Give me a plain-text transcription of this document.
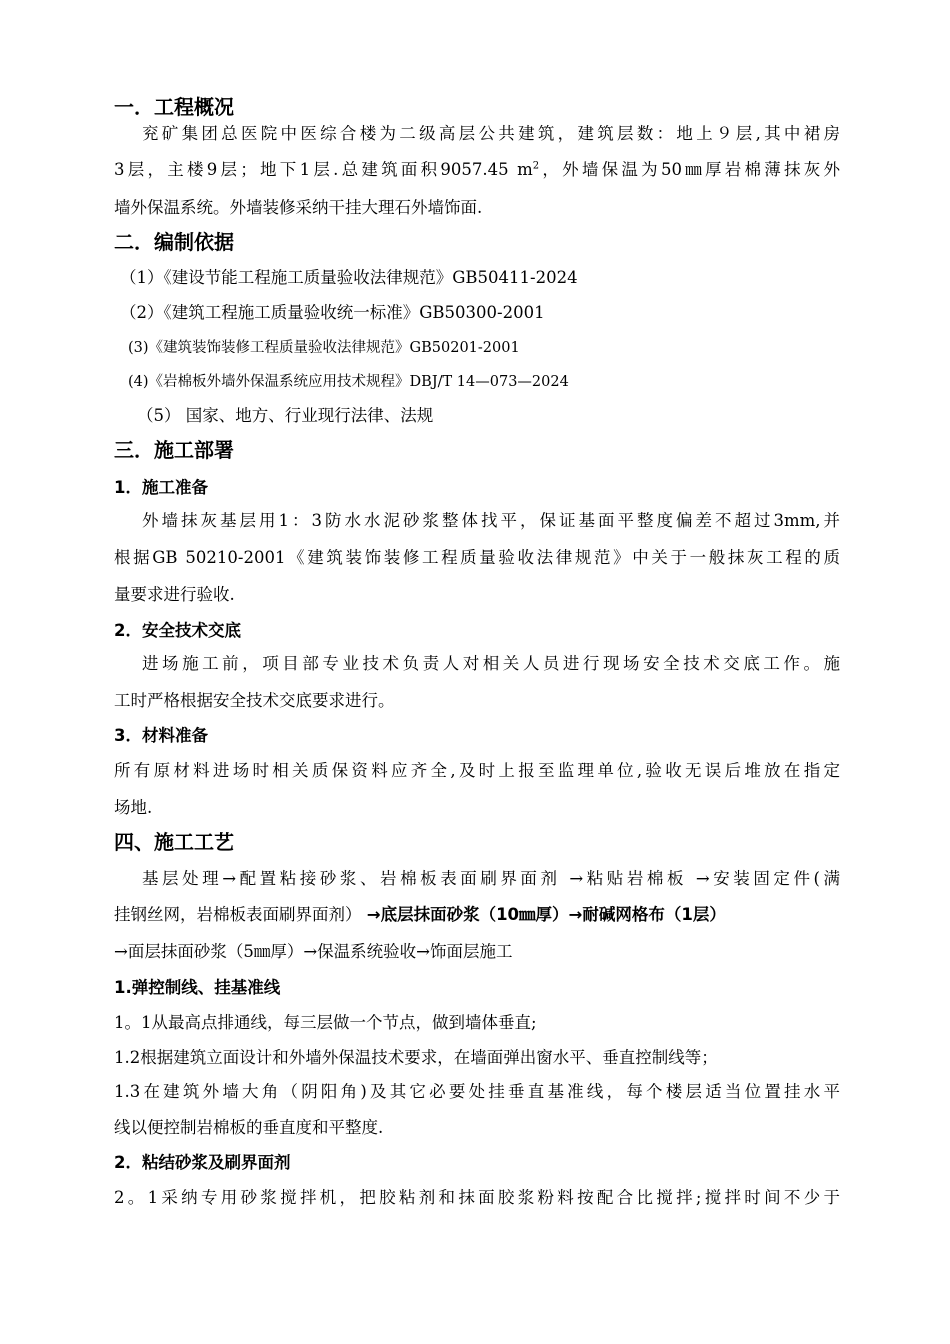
一．工程概况
兖矿集团总医院中医综合楼为二级高层公共建筑，建筑层数：地上９层,其中裙房
3层，主楼9层；地下1层.总建筑面积9057.45 $m^2$，外墙保温为50㎜厚岩棉薄抹灰外
墙外保温系统。外墙装修采纳干挂大理石外墙饰面.
二．编制依据
（1）《建设节能工程施工质量验收法律规范》GB50411-2024
（2）《建筑工程施工质量验收统一标准》GB50300-2001
(3)《建筑装饰装修工程质量验收法律规范》GB50201-2001
(4)《岩棉板外墙外保温系统应用技术规程》DBJ/T 14—073—2024
（5） 国家、地方、行业现行法律、法规
三．施工部署
1．施工准备
外墙抹灰基层用1：3防水水泥砂浆整体找平，保证基面平整度偏差不超过3mm,并
根据GB 50210-2001《建筑装饰装修工程质量验收法律规范》中关于一般抹灰工程的质
量要求进行验收.
2．安全技术交底
进场施工前，项目部专业技术负责人对相关人员进行现场安全技术交底工作。施
工时严格根据安全技术交底要求进行。
3．材料准备
所有原材料进场时相关质保资料应齐全,及时上报至监理单位,验收无误后堆放在指定
场地.
四、施工工艺
基层处理→配置粘接砂浆、岩棉板表面刷界面剂 →粘贴岩棉板 →安装固定件(满
挂钢丝网，岩棉板表面刷界面剂） →底层抹面砂浆（10㎜厚）→耐碱网格布（1层）
→面层抹面砂浆（5㎜厚）→保温系统验收→饰面层施工
1.弹控制线、挂基准线
1。1从最高点排通线，每三层做一个节点，做到墙体垂直;
1.2根据建筑立面设计和外墙外保温技术要求，在墙面弹出窗水平、垂直控制线等；
1.3在建筑外墙大角（阴阳角)及其它必要处挂垂直基准线，每个楼层适当位置挂水平
线以便控制岩棉板的垂直度和平整度.
2．粘结砂浆及刷界面剂
2。1采纳专用砂浆搅拌机，把胶粘剂和抹面胶浆粉料按配合比搅拌;搅拌时间不少于
